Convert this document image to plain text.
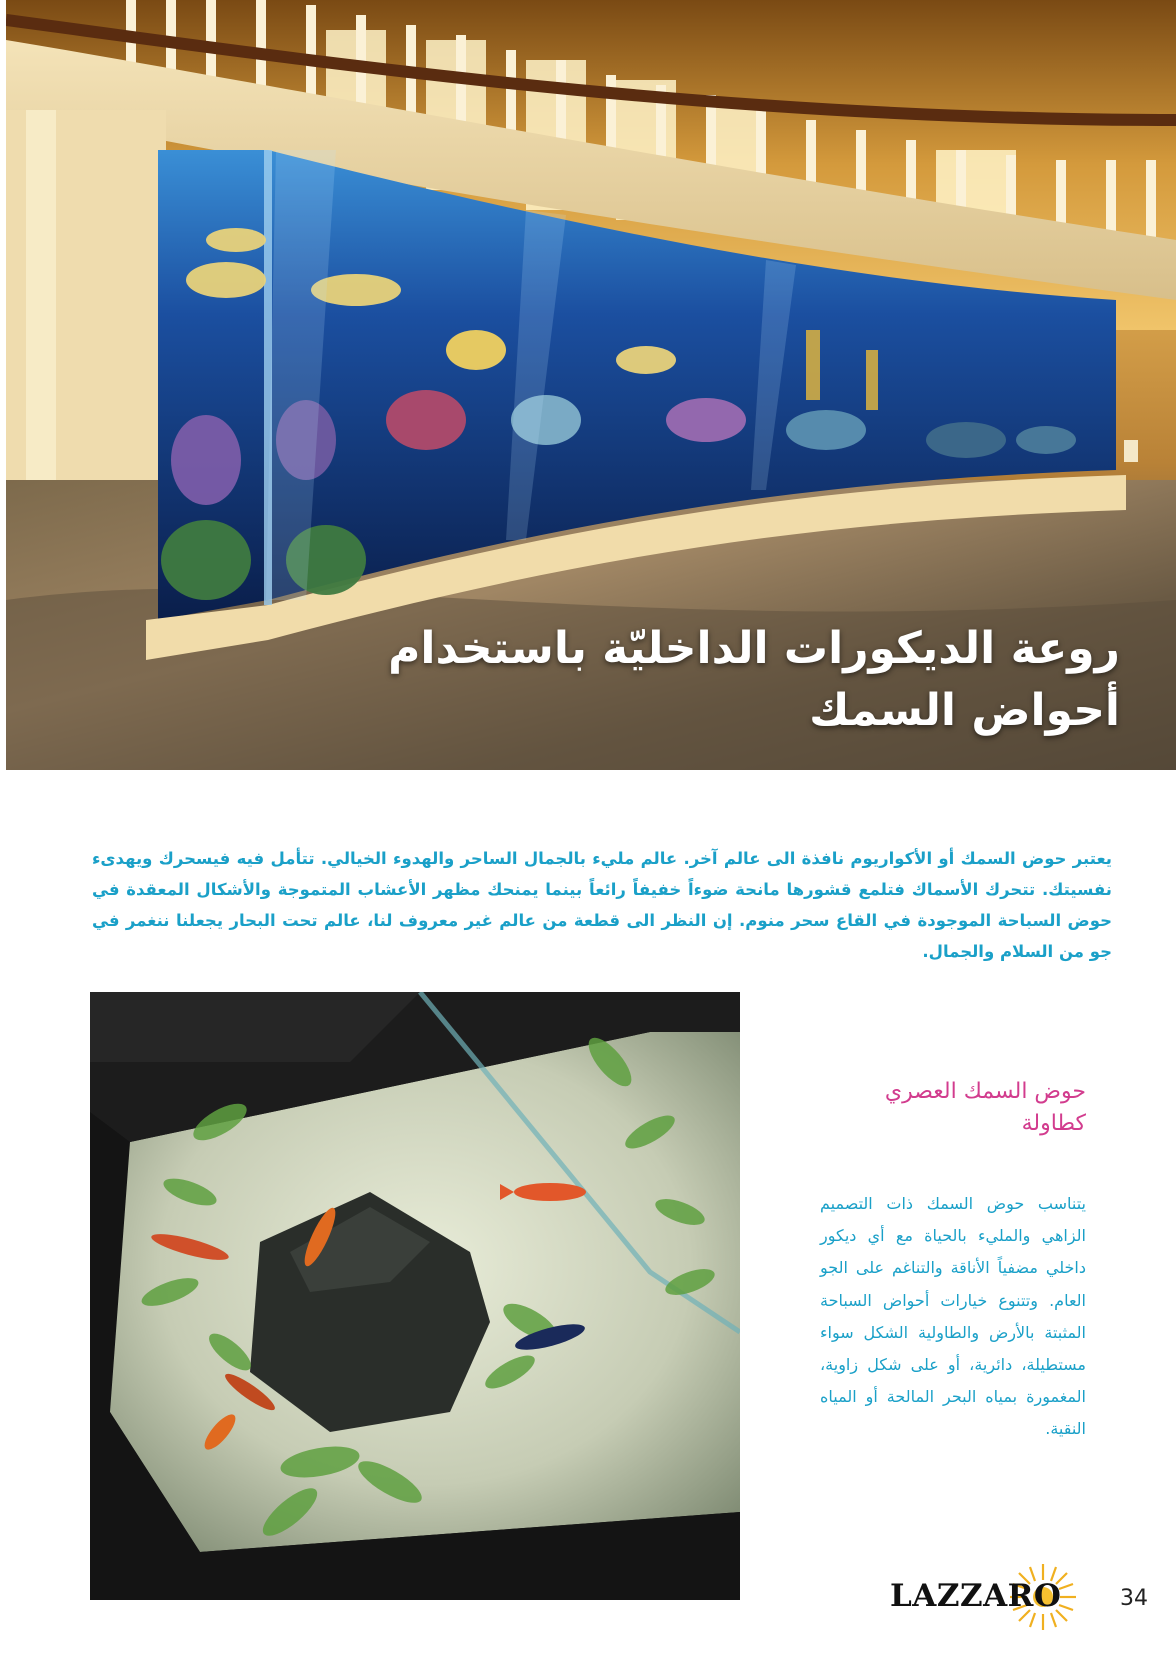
روعة الديكورات الداخليّة باستخدام
أحواض السمك

يعتبر حوض السمك أو الأكواريوم نافذة الى عالم آخر. عالم مليء بالجمال الساحر والهدوء الخيالي. تتأمل فيه فيسحرك ويهدىء نفسيتك. تتحرك الأسماك فتلمع قشورها مانحة ضوءاً خفيفاً رائعاً بينما يمنحك مظهر الأعشاب المتموجة والأشكال المعقدة في حوض السباحة الموجودة في القاع سحر منوم. إن النظر الى قطعة من عالم غير معروف لنا، عالم تحت البحار يجعلنا ننغمر في جو من السلام والجمال.

حوض السمك العصري
كطاولة

يتناسب حوض السمك ذات التصميم الزاهي والمليء بالحياة مع أي ديكور داخلي مضفياً الأناقة والتناغم على الجو العام. وتتنوع خيارات أحواض السباحة المثبتة بالأرض والطاولية الشكل سواء مستطيلة، دائرية، أو على شكل زاوية، المغمورة بمياه البحر المالحة أو المياه النقية.

LAZZARO	34
